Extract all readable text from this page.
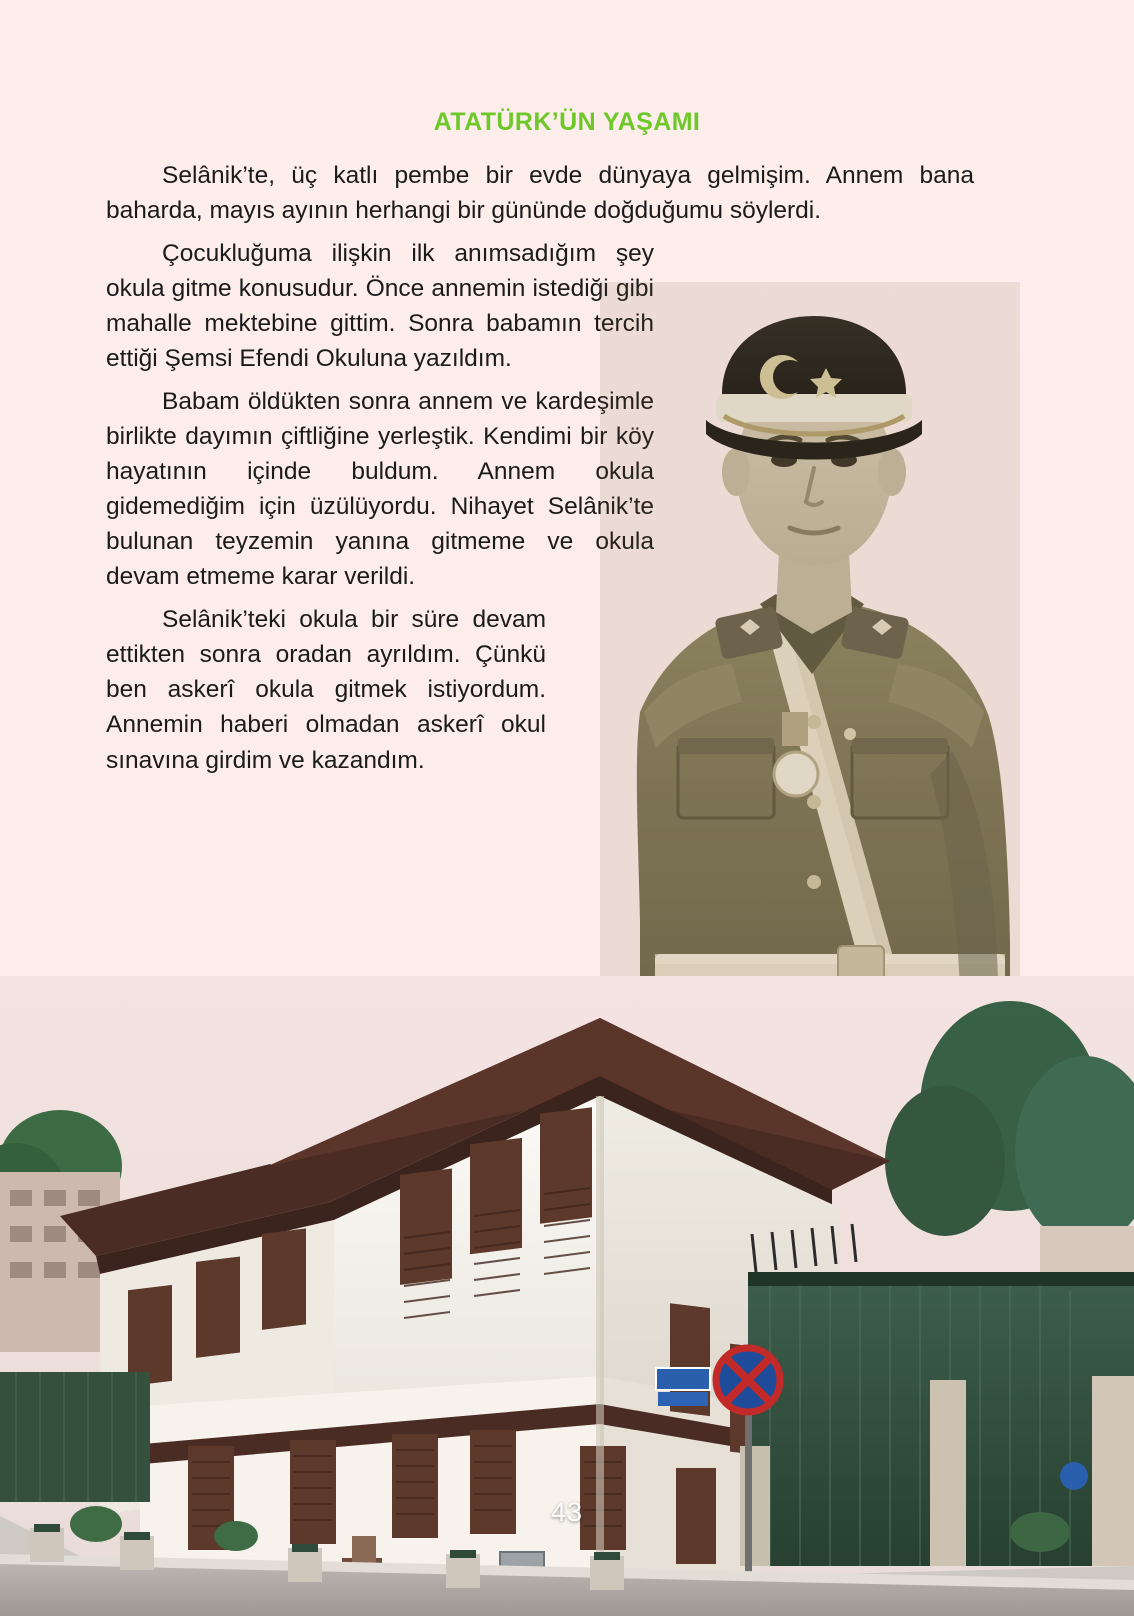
ATATÜRK’ÜN YAŞAMI

Selânik’te, üç katlı pembe bir evde dünyaya gelmişim. Annem bana baharda, mayıs ayının herhangi bir gününde doğduğumu söylerdi.

Çocukluğuma ilişkin ilk anımsadığım şey okula gitme konusudur. Önce annemin istediği gibi mahalle mektebine gittim. Sonra babamın tercih ettiği Şemsi Efendi Okuluna yazıldım.

Babam öldükten sonra annem ve kardeşimle birlikte dayımın çiftliğine yerleştik. Kendimi bir köy hayatının içinde buldum. Annem okula gidemediğim için üzülüyordu. Nihayet Selânik’te bulunan teyzemin yanına gitmeme ve okula devam etmeme karar verildi.

Selânik’teki okula bir süre devam ettikten sonra oradan ayrıldım. Çünkü ben askerî okula gitmek istiyordum. Annemin haberi olmadan askerî okul sınavına girdim ve kazandım.

43
